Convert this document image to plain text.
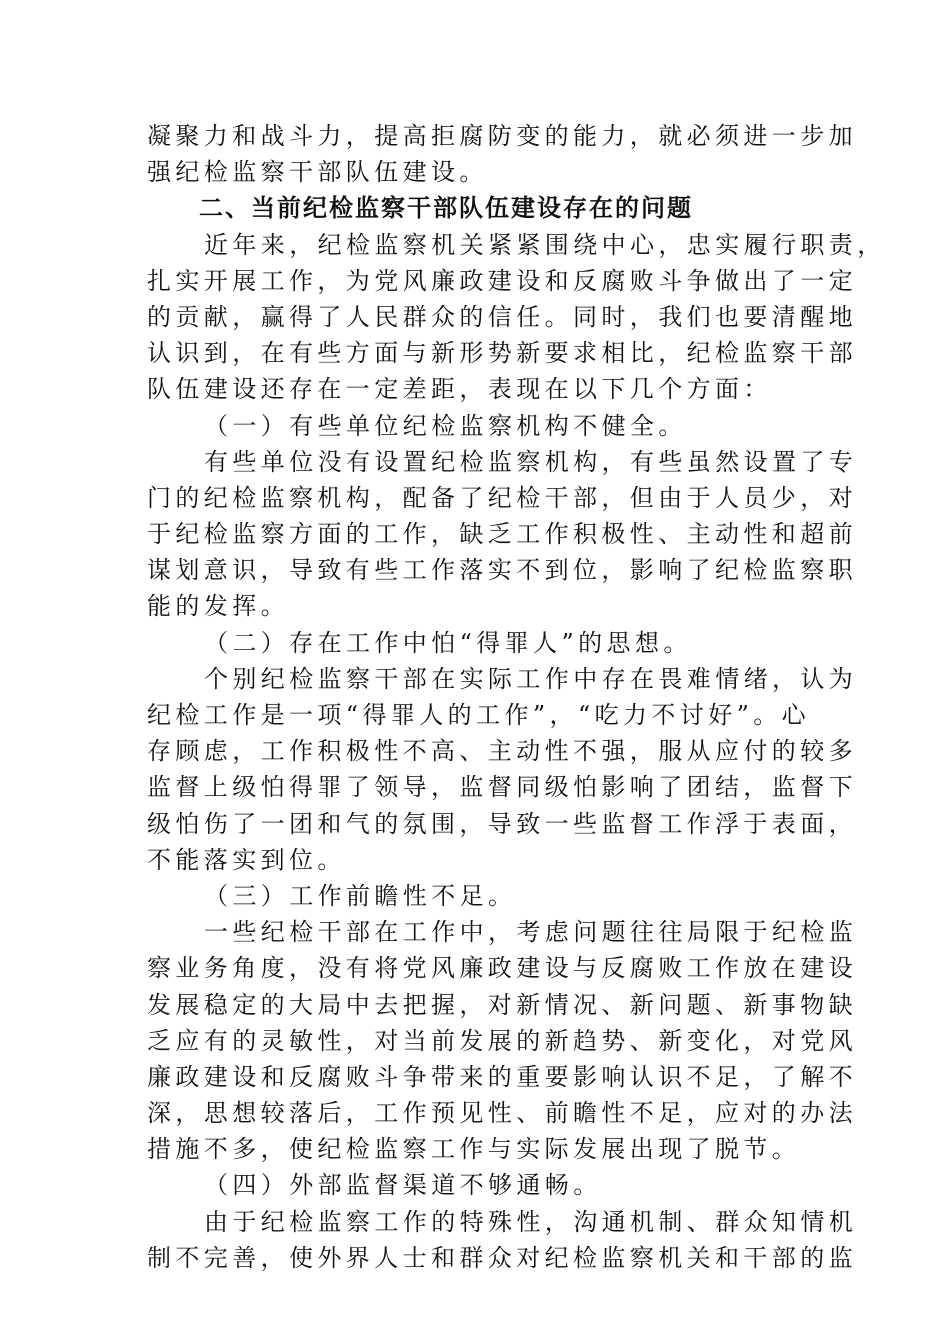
凝聚力和战斗力，提高拒腐防变的能力，就必须进一步加
强纪检监察干部队伍建设。
二、当前纪检监察干部队伍建设存在的问题
近年来，纪检监察机关紧紧围绕中心，忠实履行职责，
扎实开展工作，为党风廉政建设和反腐败斗争做出了一定
的贡献，赢得了人民群众的信任。同时，我们也要清醒地
认识到，在有些方面与新形势新要求相比，纪检监察干部
队伍建设还存在一定差距，表现在以下几个方面：
（一）有些单位纪检监察机构不健全。
有些单位没有设置纪检监察机构，有些虽然设置了专
门的纪检监察机构，配备了纪检干部，但由于人员少，对
于纪检监察方面的工作，缺乏工作积极性、主动性和超前
谋划意识，导致有些工作落实不到位，影响了纪检监察职
能的发挥。
（二）存在工作中怕“得罪人”的思想。
个别纪检监察干部在实际工作中存在畏难情绪，认为
纪检工作是一项“得罪人的工作”，“吃力不讨好”。心
存顾虑，工作积极性不高、主动性不强，服从应付的较多
监督上级怕得罪了领导，监督同级怕影响了团结，监督下
级怕伤了一团和气的氛围，导致一些监督工作浮于表面，
不能落实到位。
（三）工作前瞻性不足。
一些纪检干部在工作中，考虑问题往往局限于纪检监
察业务角度，没有将党风廉政建设与反腐败工作放在建设
发展稳定的大局中去把握，对新情况、新问题、新事物缺
乏应有的灵敏性，对当前发展的新趋势、新变化，对党风
廉政建设和反腐败斗争带来的重要影响认识不足，了解不
深，思想较落后，工作预见性、前瞻性不足，应对的办法
措施不多，使纪检监察工作与实际发展出现了脱节。
（四）外部监督渠道不够通畅。
由于纪检监察工作的特殊性，沟通机制、群众知情机
制不完善，使外界人士和群众对纪检监察机关和干部的监
